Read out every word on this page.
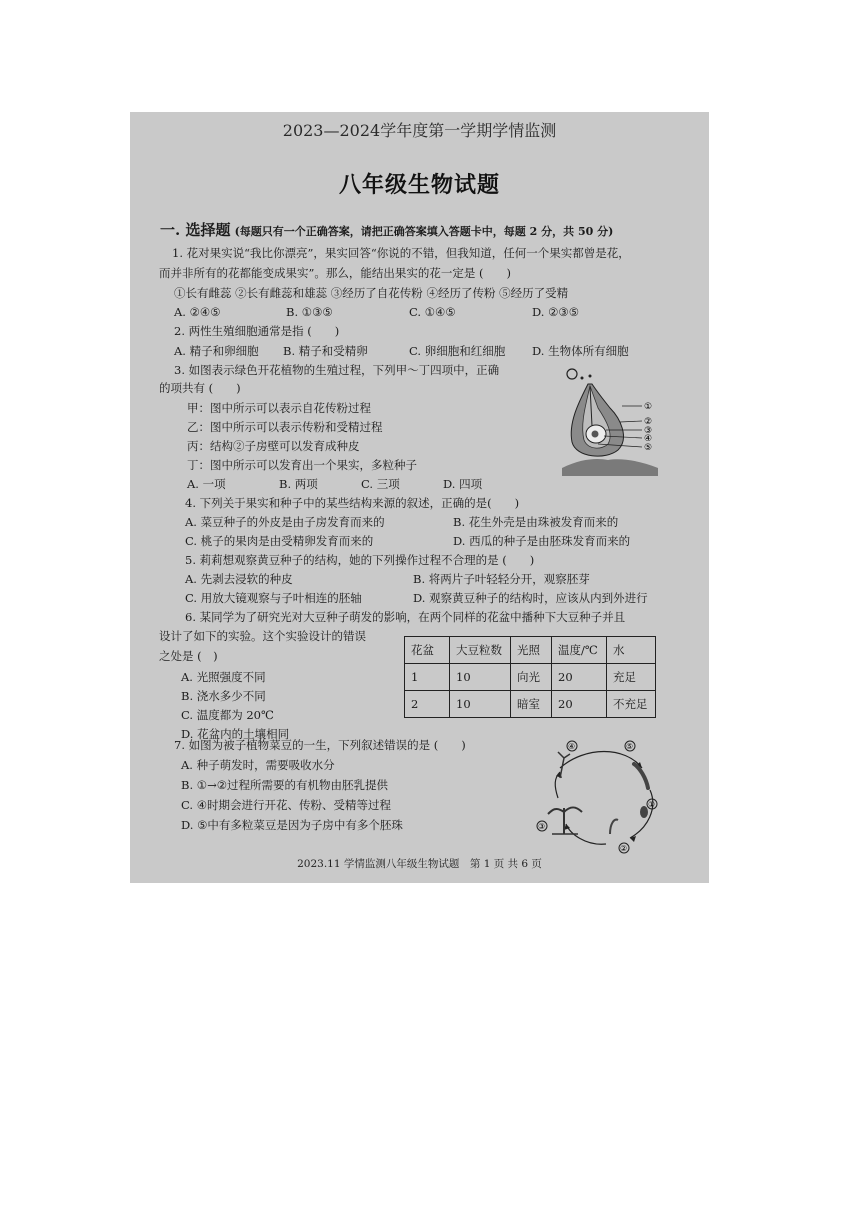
2023—2024学年度第一学期学情监测
八年级生物试题
一. 选择题 (每题只有一个正确答案，请把正确答案填入答题卡中，每题 2 分，共 50 分)
1. 花对果实说“我比你漂亮”，果实回答“你说的不错，但我知道，任何一个果实都曾是花，
而并非所有的花都能变成果实”。那么，能结出果实的花一定是 (　　)
①长有雌蕊 ②长有雌蕊和雄蕊 ③经历了自花传粉 ④经历了传粉 ⑤经历了受精
A. ②④⑤	B. ①③⑤	C. ①④⑤	D. ②③⑤
2. 两性生殖细胞通常是指 (　　)
A. 精子和卵细胞 B. 精子和受精卵	C. 卵细胞和红细胞 D. 生物体所有细胞
3. 如图表示绿色开花植物的生殖过程，下列甲～丁四项中，正确
的项共有 (　　)
甲：图中所示可以表示自花传粉过程
乙：图中所示可以表示传粉和受精过程
丙：结构②子房壁可以发育成种皮
丁：图中所示可以发育出一个果实，多粒种子
A. 一项	B. 两项	C. 三项	D. 四项
①
②
③
④
⑤
4. 下列关于果实和种子中的某些结构来源的叙述，正确的是(　　)
A. 菜豆种子的外皮是由子房发育而来的	B. 花生外壳是由珠被发育而来的
C. 桃子的果肉是由受精卵发育而来的	D. 西瓜的种子是由胚珠发育而来的
5. 莉莉想观察黄豆种子的结构，她的下列操作过程不合理的是 (　　)
A. 先剥去浸软的种皮	B. 将两片子叶轻轻分开，观察胚芽
C. 用放大镜观察与子叶相连的胚轴	D. 观察黄豆种子的结构时，应该从内到外进行
6. 某同学为了研究光对大豆种子萌发的影响，在两个同样的花盆中播种下大豆种子并且
设计了如下的实验。这个实验设计的错误
之处是 (　)
A. 光照强度不同
B. 浇水多少不同
C. 温度都为 20℃
D. 花盆内的土壤相同
花盆	大豆粒数	光照	温度/℃	水
1	10	向光	20	充足
2	10	暗室	20	不充足
7. 如图为被子植物菜豆的一生，下列叙述错误的是 (　　)
A. 种子萌发时，需要吸收水分
B. ①→②过程所需要的有机物由胚乳提供
C. ④时期会进行开花、传粉、受精等过程
D. ⑤中有多粒菜豆是因为子房中有多个胚珠
④	⑤
①
②
③
2023.11 学情监测八年级生物试题　第 1 页 共 6 页
